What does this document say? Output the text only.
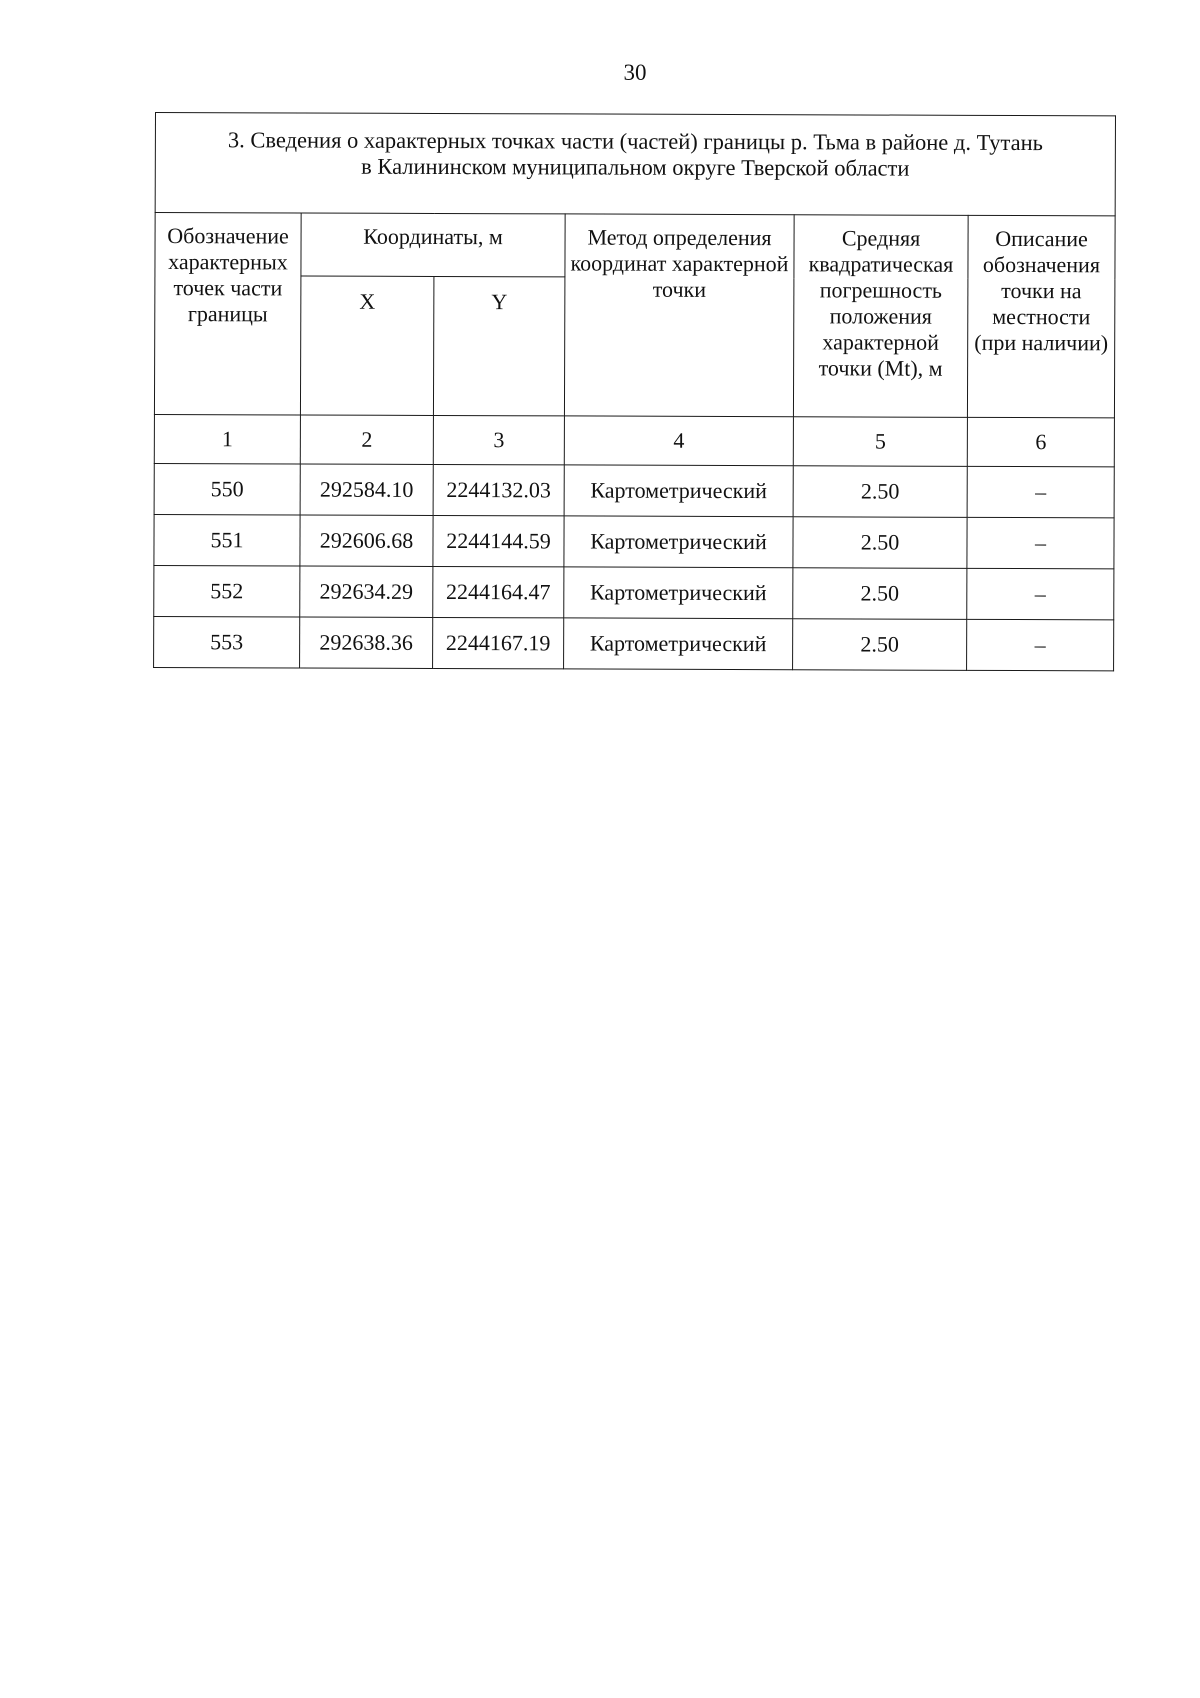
30
3. Сведения о характерных точках части (частей) границы р. Тьма в районе д. Тутань
в Калининском муниципальном округе Тверской области					

Обозначение характерных точек части границы	Координаты, м		Метод определения координат характерной точки	Средняя квадратическая погрешность положения характерной точки (Mt), м	Описание обозначения точки на местности (при наличии)

	X	Y			
1	2	3	4	5	6
550	292584.10	2244132.03	Картометрический	2.50	–
551	292606.68	2244144.59	Картометрический	2.50	–
552	292634.29	2244164.47	Картометрический	2.50	–
553	292638.36	2244167.19	Картометрический	2.50	–
